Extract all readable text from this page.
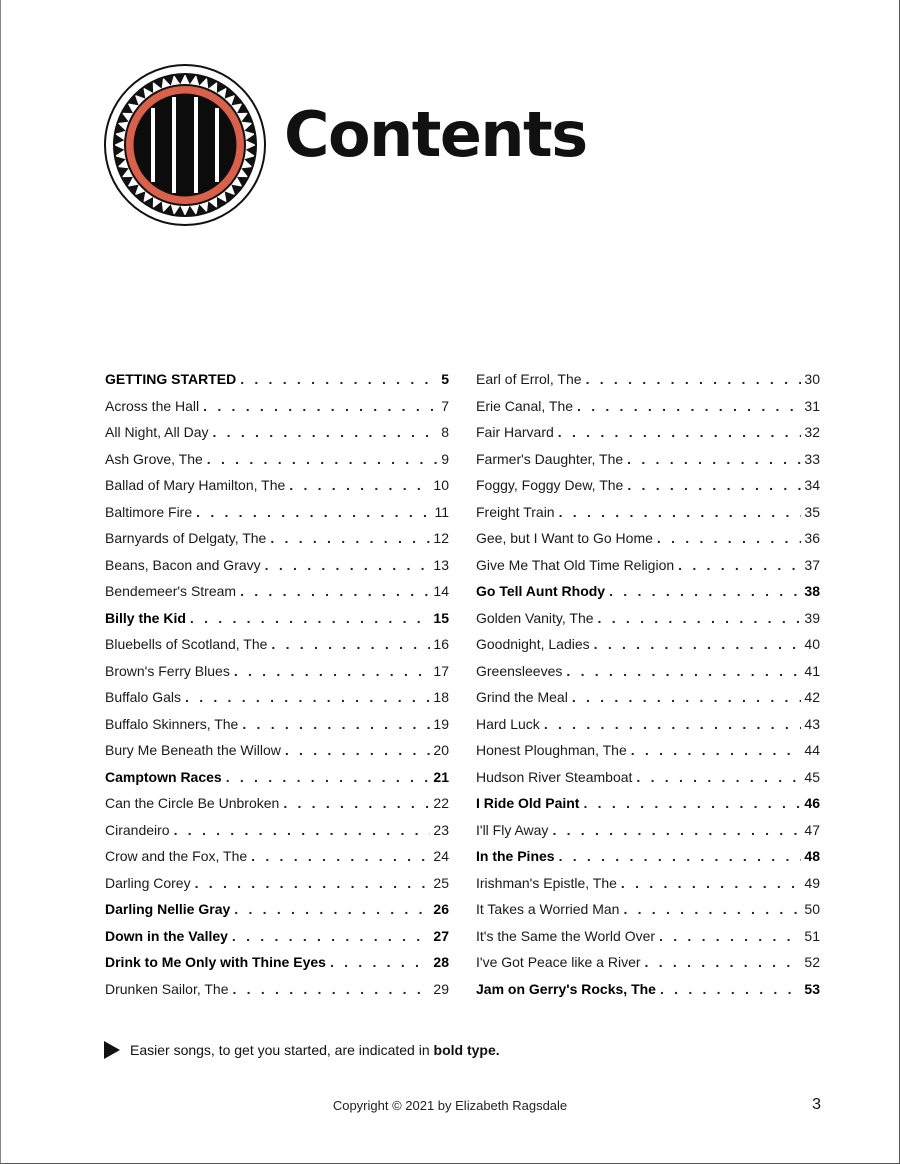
Contents
GETTING STARTED . . .	5
Across the Hall . . .	7
All Night, All Day . . .	8
Ash Grove, The . . .	9
Ballad of Mary Hamilton, The . . .	10
Baltimore Fire . . .	11
Barnyards of Delgaty, The . . .	12
Beans, Bacon and Gravy . . .	13
Bendemeer's Stream . . .	14
Billy the Kid . . .	15
Bluebells of Scotland, The . . .	16
Brown's Ferry Blues . . .	17
Buffalo Gals . . .	18
Buffalo Skinners, The . . .	19
Bury Me Beneath the Willow . . .	20
Camptown Races . . .	21
Can the Circle Be Unbroken . . .	22
Cirandeiro . . .	23
Crow and the Fox, The . . .	24
Darling Corey . . .	25
Darling Nellie Gray . . .	26
Down in the Valley . . .	27
Drink to Me Only with Thine Eyes . . .	28
Drunken Sailor, The . . .	29
Earl of Errol, The . . .	30
Erie Canal, The . . .	31
Fair Harvard . . .	32
Farmer's Daughter, The . . .	33
Foggy, Foggy Dew, The . . .	34
Freight Train . . .	35
Gee, but I Want to Go Home . . .	36
Give Me That Old Time Religion . . .	37
Go Tell Aunt Rhody . . .	38
Golden Vanity, The . . .	39
Goodnight, Ladies . . .	40
Greensleeves . . .	41
Grind the Meal . . .	42
Hard Luck . . .	43
Honest Ploughman, The . . .	44
Hudson River Steamboat . . .	45
I Ride Old Paint . . .	46
I'll Fly Away . . .	47
In the Pines . . .	48
Irishman's Epistle, The . . .	49
It Takes a Worried Man . . .	50
It's the Same the World Over . . .	51
I've Got Peace like a River . . .	52
Jam on Gerry's Rocks, The . . .	53
Easier songs, to get you started, are indicated in
bold type.
Copyright © 2021 by Elizabeth Ragsdale	3
